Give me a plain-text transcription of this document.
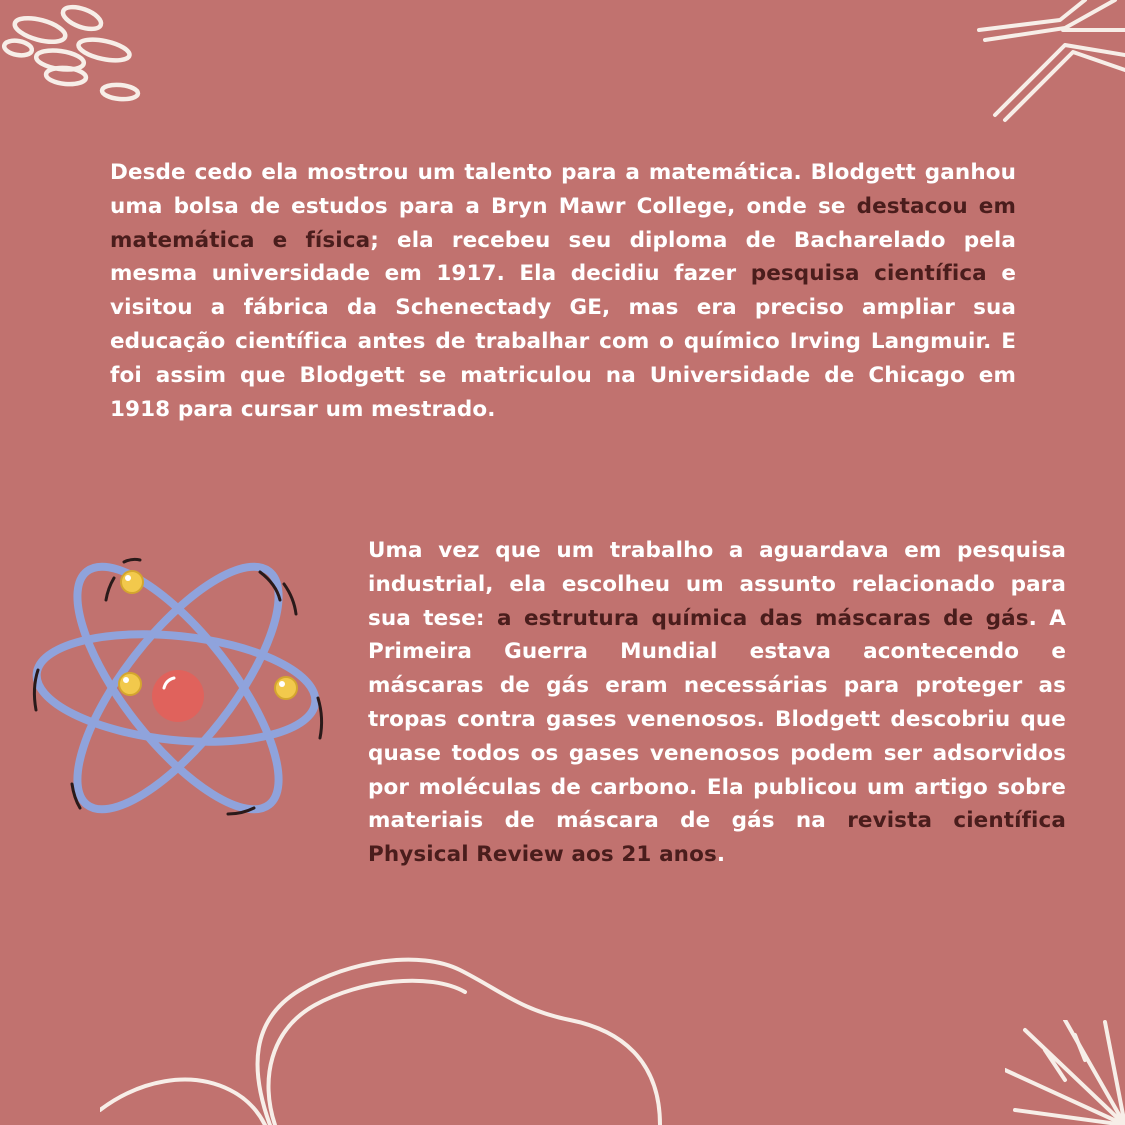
Desde cedo ela mostrou um talento para a matemática. Blodgett ganhou uma bolsa de estudos para a Bryn Mawr College, onde se destacou em matemática e física; ela recebeu seu diploma de Bacharelado pela mesma universidade em 1917. Ela decidiu fazer pesquisa científica e visitou a fábrica da Schenectady GE, mas era preciso ampliar sua educação científica antes de trabalhar com o químico Irving Langmuir. E foi assim que Blodgett se matriculou na Universidade de Chicago em 1918 para cursar um mestrado.

Uma vez que um trabalho a aguardava em pesquisa industrial, ela escolheu um assunto relacionado para sua tese: a estrutura química das máscaras de gás. A Primeira Guerra Mundial estava acontecendo e máscaras de gás eram necessárias para proteger as tropas contra gases venenosos. Blodgett descobriu que quase todos os gases venenosos podem ser adsorvidos por moléculas de carbono. Ela publicou um artigo sobre materiais de máscara de gás na revista científica Physical Review aos 21 anos.
